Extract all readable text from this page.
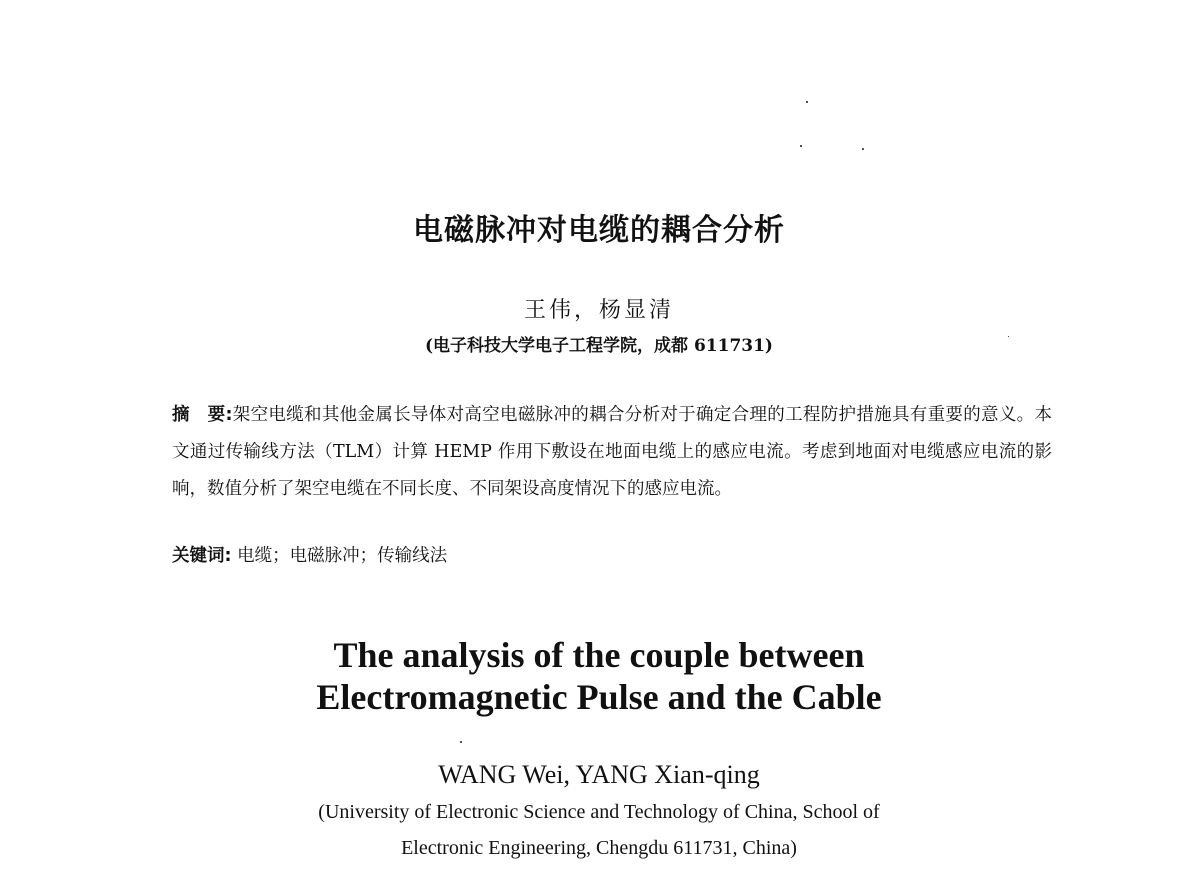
电磁脉冲对电缆的耦合分析
王伟，杨显清
(电子科技大学电子工程学院，成都 611731)
摘　要:架空电缆和其他金属长导体对高空电磁脉冲的耦合分析对于确定合理的工程防护措施具有重要的意义。本文通过传输线方法（TLM）计算 HEMP 作用下敷设在地面电缆上的感应电流。考虑到地面对电缆感应电流的影响，数值分析了架空电缆在不同长度、不同架设高度情况下的感应电流。
关键词: 电缆；电磁脉冲；传输线法
The analysis of the couple between
Electromagnetic Pulse and the Cable
WANG Wei, YANG Xian-qing
(University of Electronic Science and Technology of China, School of
Electronic Engineering, Chengdu 611731, China)
